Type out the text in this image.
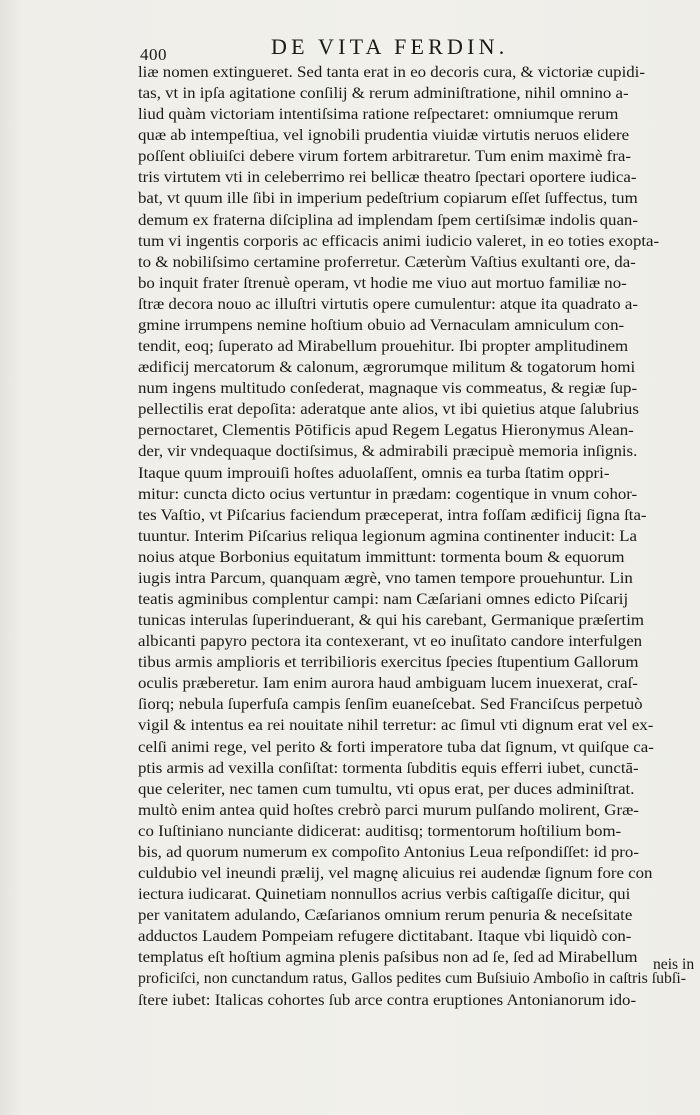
400	DE VITA FERDIN.
liæ nomen extingueret. Sed tanta erat in eo decoris cura, & victoriæ cupidi-
tas, vt in ipſa agitatione conſilij & rerum adminiſtratione, nihil omnino a-
liud quàm victoriam intentiſsima ratione reſpectaret: omniumque rerum
quæ ab intempeſtiua, vel ignobili prudentia viuidæ virtutis neruos elidere
poſſent obliuiſci debere virum fortem arbitraretur. Tum enim maximè fra-
tris virtutem vti in celeberrimo rei bellicæ theatro ſpectari oportere iudica-
bat, vt quum ille ſibi in imperium pedeſtrium copiarum eſſet ſuffectus, tum
demum ex fraterna diſciplina ad implendam ſpem certiſsimæ indolis quan-
tum vi ingentis corporis ac efficacis animi iudicio valeret, in eo toties exopta-
to & nobiliſsimo certamine proferretur. Cæterùm Vaſtius exultanti ore, da-
bo inquit frater ſtrenuè operam, vt hodie me viuo aut mortuo familiæ no-
ſtræ decora nouo ac illuſtri virtutis opere cumulentur: atque ita quadrato a-
gmine irrumpens nemine hoſtium obuio ad Vernaculam amniculum con-
tendit, eoq; ſuperato ad Mirabellum prouehitur. Ibi propter amplitudinem
ædificij mercatorum & calonum, ægrorumque militum & togatorum homi
num ingens multitudo conſederat, magnaque vis commeatus, & regiæ ſup-
pellectilis erat depoſita: aderatque ante alios, vt ibi quietius atque ſalubrius
pernoctaret, Clementis Pōtificis apud Regem Legatus Hieronymus Alean-
der, vir vndequaque doctiſsimus, & admirabili præcipuè memoria inſignis.
Itaque quum improuiſi hoſtes aduolaſſent, omnis ea turba ſtatim oppri-
mitur: cuncta dicto ocius vertuntur in prædam: cogentique in vnum cohor-
tes Vaſtio, vt Piſcarius faciendum præceperat, intra foſſam ædificij ſigna ſta-
tuuntur. Interim Piſcarius reliqua legionum agmina continenter inducit: La
noius atque Borbonius equitatum immittunt: tormenta boum & equorum
iugis intra Parcum, quanquam ægrè, vno tamen tempore prouehuntur. Lin
teatis agminibus complentur campi: nam Cæſariani omnes edicto Piſcarij
tunicas interulas ſuperinduerant, & qui his carebant, Germanique præſertim
albicanti papyro pectora ita contexerant, vt eo inuſitato candore interfulgen
tibus armis amplioris et terribilioris exercitus ſpecies ſtupentium Gallorum
oculis præberetur. Iam enim aurora haud ambiguam lucem inuexerat, craſ-
ſiorq; nebula ſuperfuſa campis ſenſim euaneſcebat. Sed Franciſcus perpetuò
vigil & intentus ea rei nouitate nihil terretur: ac ſimul vti dignum erat vel ex-
celſi animi rege, vel perito & forti imperatore tuba dat ſignum, vt quiſque ca-
ptis armis ad vexilla conſiſtat: tormenta ſubditis equis efferri iubet, cunctā-
que celeriter, nec tamen cum tumultu, vti opus erat, per duces adminiſtrat.
multò enim antea quid hoſtes crebrò parci murum pulſando molirent, Græ-
co Iuſtiniano nunciante didicerat: auditisq; tormentorum hoſtilium bom-
bis, ad quorum numerum ex compoſito Antonius Leua reſpondiſſet: id pro-
culdubio vel ineundi prælij, vel magnę alicuius rei audendæ ſignum fore con
iectura iudicarat. Quinetiam nonnullos acrius verbis caſtigaſſe dicitur, qui
per vanitatem adulando, Cæſarianos omnium rerum penuria & neceſsitate
adductos Laudem Pompeiam refugere dictitabant. Itaque vbi liquidò con-
templatus eſt hoſtium agmina plenis paſsibus non ad ſe, ſed ad Mirabellum
proficiſci, non cunctandum ratus, Gallos pedites cum Buſsiuio Amboſio in caſtris ſubſi-
ſtere iubet: Italicas cohortes ſub arce contra eruptiones Antonianorum ido-
neis in
